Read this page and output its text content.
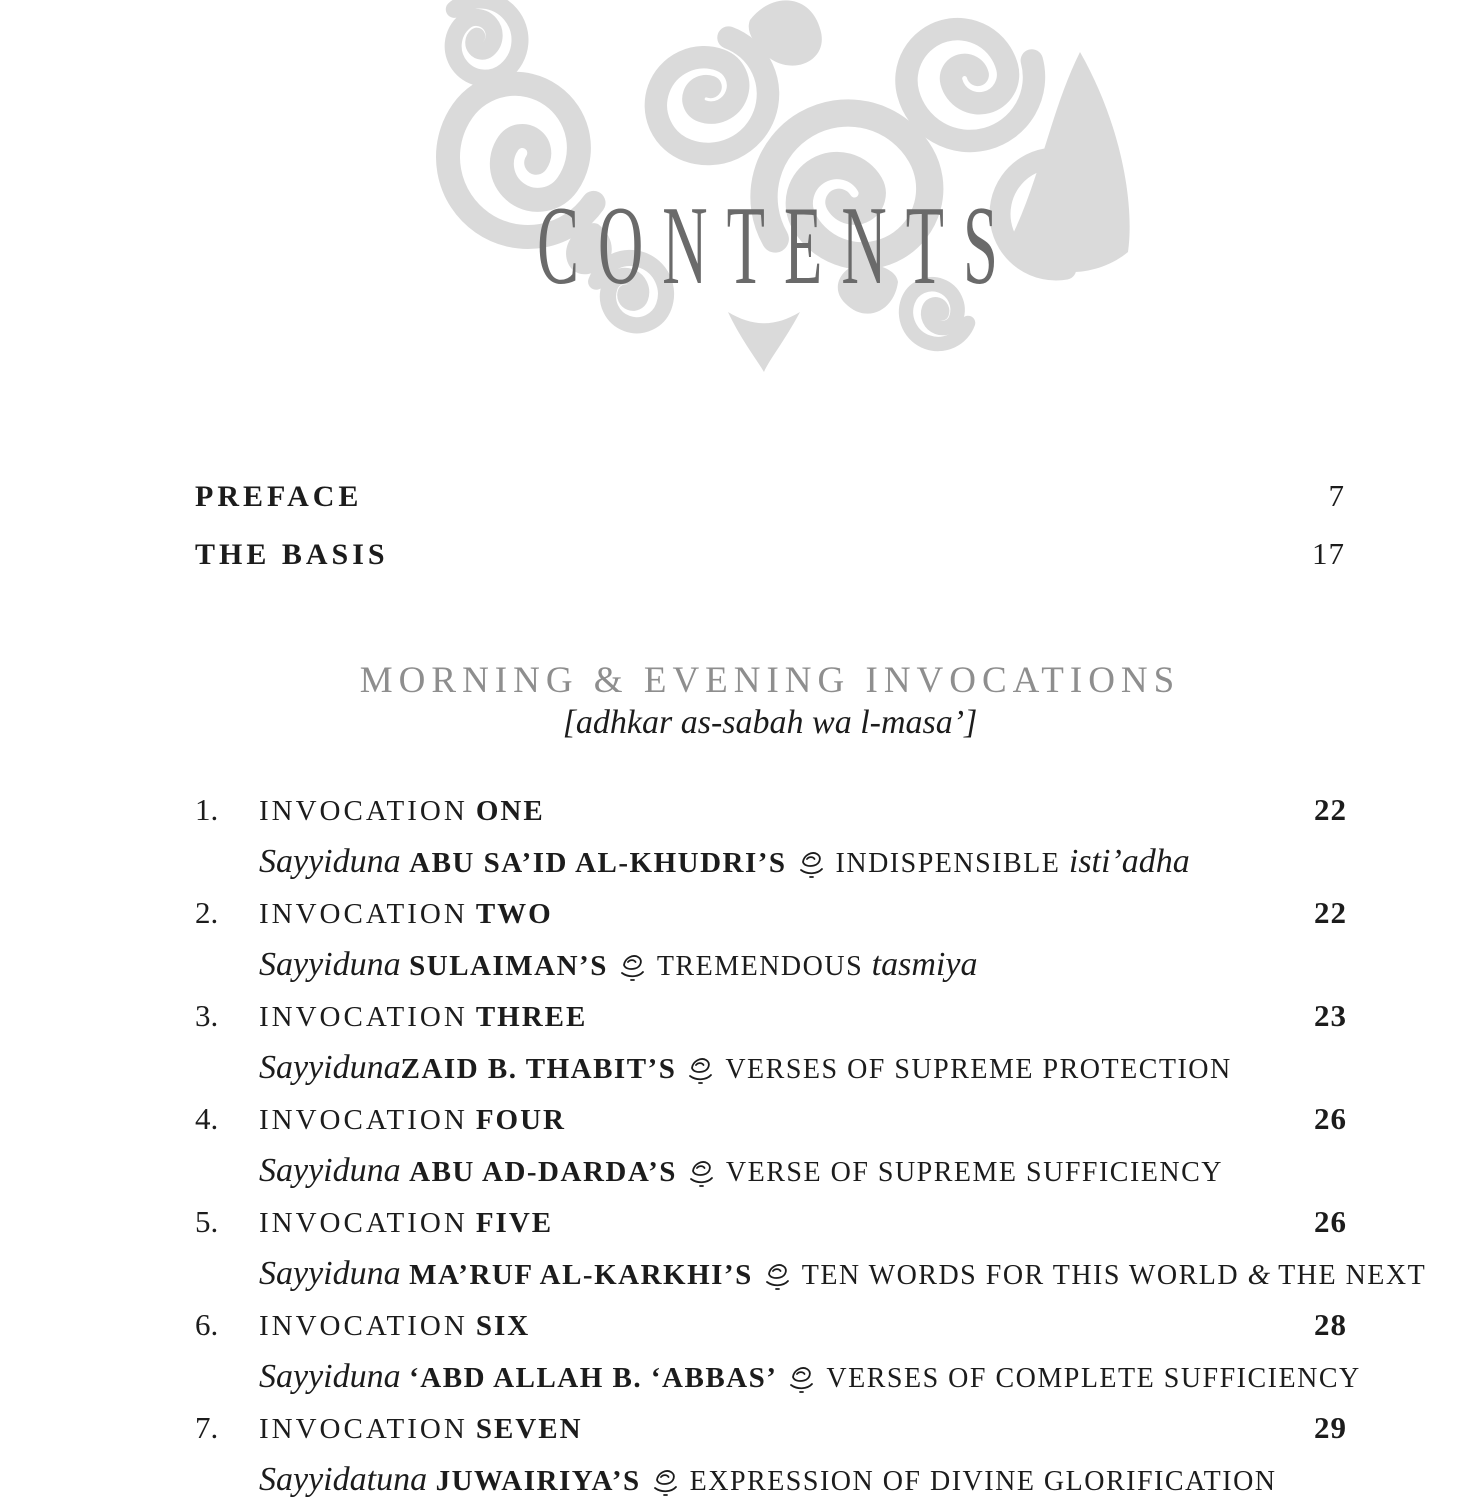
CONTENTS
PREFACE	7
THE BASIS	17
MORNING & EVENING INVOCATIONS
[adhkar as-sabah wa l-masa’]
1.	INVOCATION ONE	22
Sayyiduna ABU SA’ID AL-KHUDRI’S INDISPENSIBLE isti’adha
2.	INVOCATION TWO	22
Sayyiduna SULAIMAN’S TREMENDOUS tasmiya
3.	INVOCATION THREE	23
SayyidunaZAID B. THABIT’S VERSES OF SUPREME PROTECTION
4.	INVOCATION FOUR	26
Sayyiduna ABU AD-DARDA’S VERSE OF SUPREME SUFFICIENCY
5.	INVOCATION FIVE	26
Sayyiduna MA’RUF AL-KARKHI’S TEN WORDS FOR THIS WORLD & THE NEXT
6.	INVOCATION SIX	28
Sayyiduna ‘ABD ALLAH B. ‘ABBAS’ VERSES OF COMPLETE SUFFICIENCY
7.	INVOCATION SEVEN	29
Sayyidatuna JUWAIRIYA’S EXPRESSION OF DIVINE GLORIFICATION
